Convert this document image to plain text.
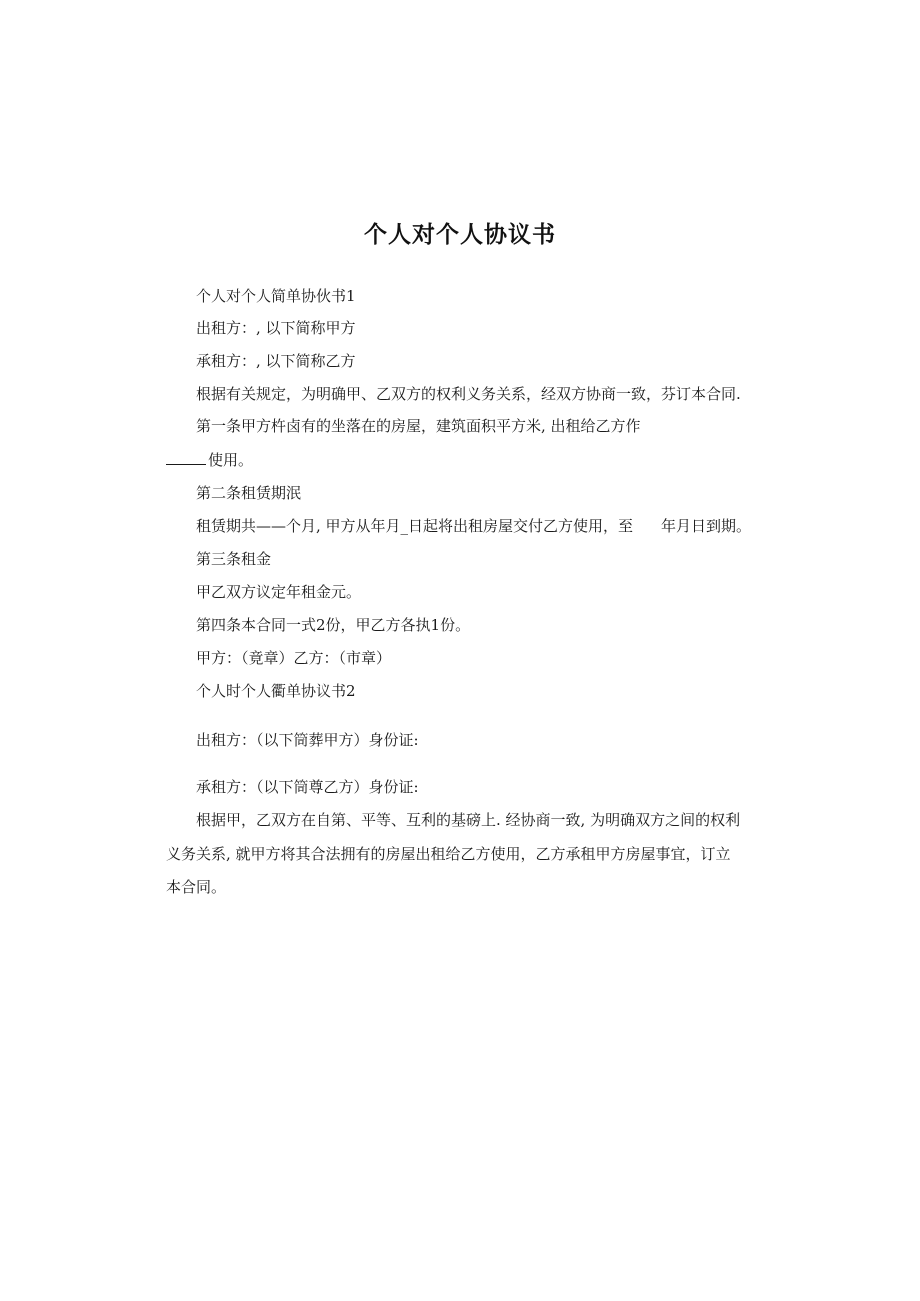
个人对个人协议书

个人对个人简单协伙书1

出租方：, 以下简称甲方

承租方：, 以下简称乙方

根据有关规定，为明确甲、乙双方的权利义务关系，经双方协商一致，芬订本合同.

第一条甲方杵卤有的坐落在的房屋，建筑面积平方米, 出租给乙方作

使用。

第二条租赁期泯

租赁期共——个月, 甲方从年月_日起将出租房屋交付乙方使用，至 年月日到期。

第三条租金

甲乙双方议定年租金元。

第四条本合同一式2份，甲乙方各执1份。

甲方：（竟章）乙方：（市章）

个人时个人衢单协议书2

出租方：（以下筒葬甲方）身份证:

承租方：（以下筒尊乙方）身份证:

根据甲，乙双方在自第、平等、互利的基磅上. 经协商一致, 为明确双方之间的权利

义务关系, 就甲方将其合法拥有的房屋出租给乙方使用，乙方承租甲方房屋事宜，订立

本合同。
